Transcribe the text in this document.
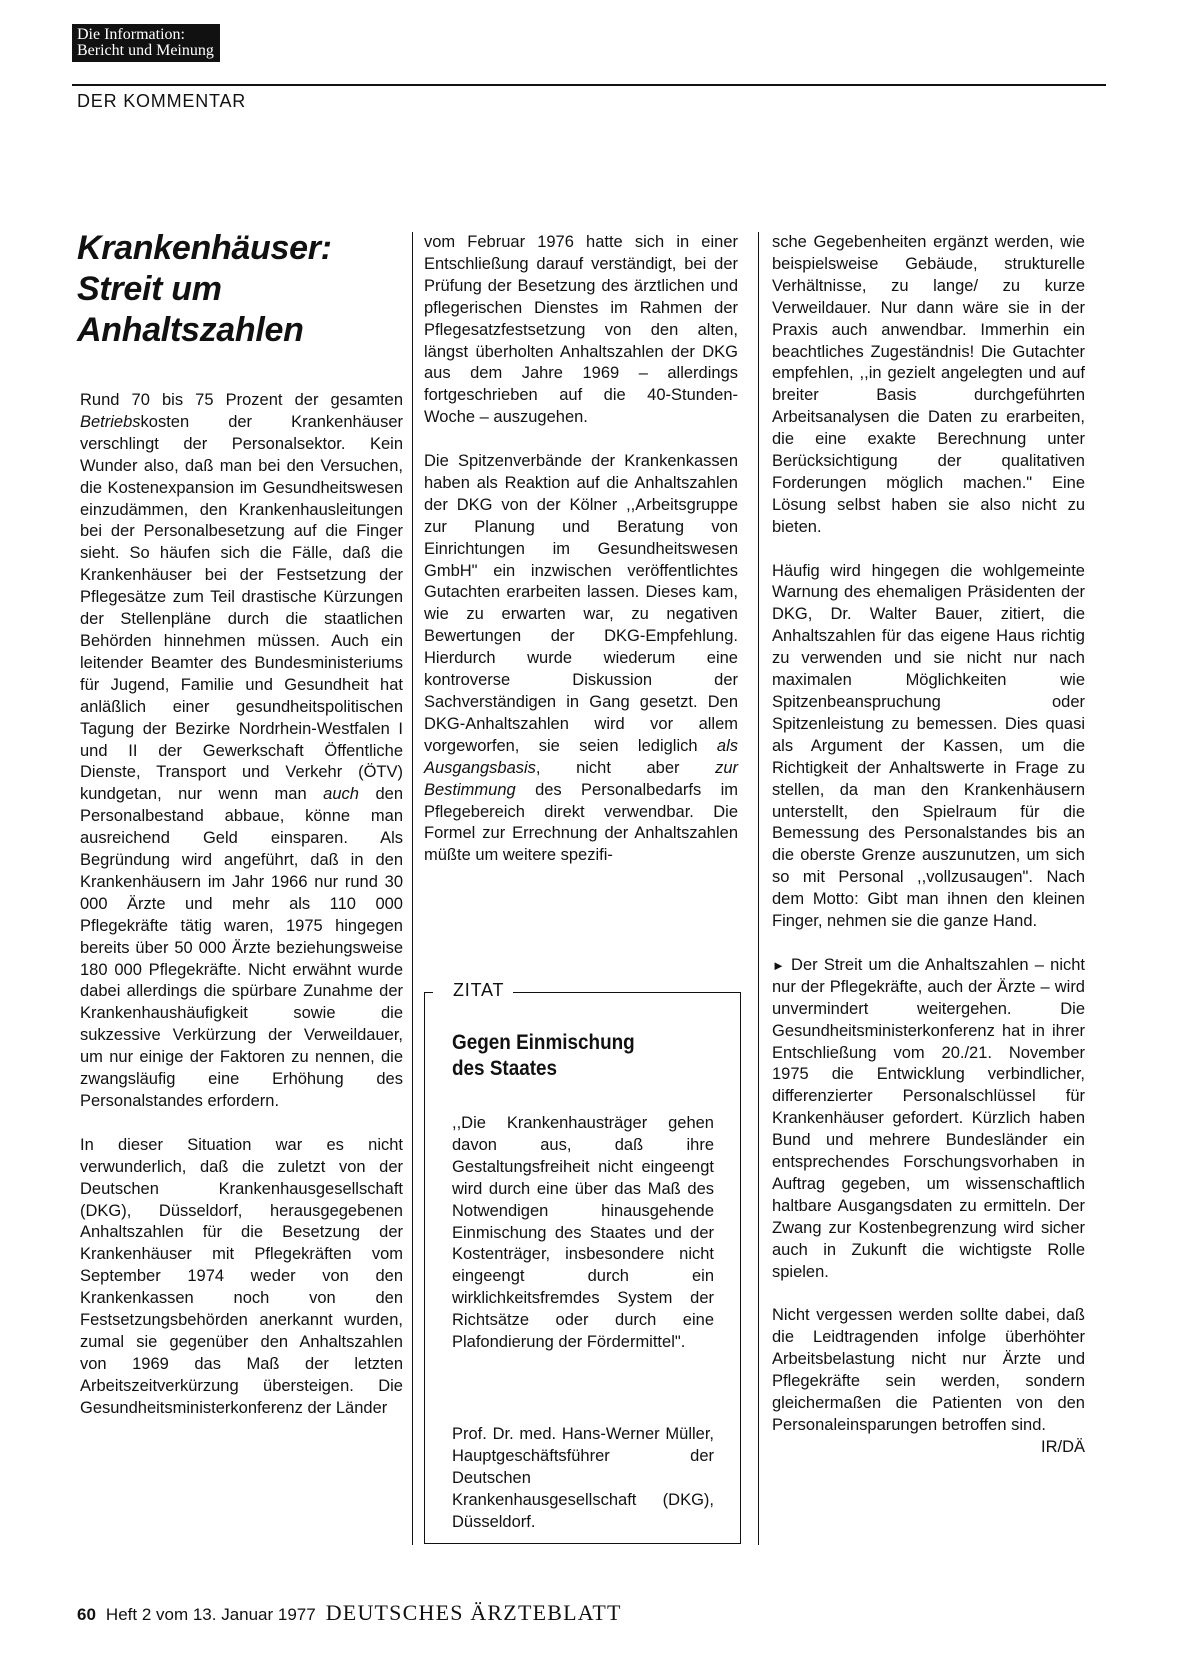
Die Information:
Bericht und Meinung
DER KOMMENTAR
Krankenhäuser:
Streit um
Anhaltszahlen

Rund 70 bis 75 Prozent der gesamten Betriebskosten der Krankenhäuser verschlingt der Personalsektor. Kein Wunder also, daß man bei den Versuchen, die Kostenexpansion im Gesundheitswesen einzudämmen, den Krankenhausleitungen bei der Personalbesetzung auf die Finger sieht. So häufen sich die Fälle, daß die Krankenhäuser bei der Festsetzung der Pflegesätze zum Teil drastische Kürzungen der Stellenpläne durch die staatlichen Behörden hinnehmen müssen. Auch ein leitender Beamter des Bundesministeriums für Jugend, Familie und Gesundheit hat anläßlich einer gesundheitspolitischen Tagung der Bezirke Nordrhein-Westfalen I und II der Gewerkschaft Öffentliche Dienste, Transport und Verkehr (ÖTV) kundgetan, nur wenn man auch den Personalbestand abbaue, könne man ausreichend Geld einsparen. Als Begründung wird angeführt, daß in den Krankenhäusern im Jahr 1966 nur rund 30 000 Ärzte und mehr als 110 000 Pflegekräfte tätig waren, 1975 hingegen bereits über 50 000 Ärzte beziehungsweise 180 000 Pflegekräfte. Nicht erwähnt wurde dabei allerdings die spürbare Zunahme der Krankenhaushäufigkeit sowie die sukzessive Verkürzung der Verweildauer, um nur einige der Faktoren zu nennen, die zwangsläufig eine Erhöhung des Personalstandes erfordern.

In dieser Situation war es nicht verwunderlich, daß die zuletzt von der Deutschen Krankenhausgesellschaft (DKG), Düsseldorf, herausgegebenen Anhaltszahlen für die Besetzung der Krankenhäuser mit Pflegekräften vom September 1974 weder von den Krankenkassen noch von den Festsetzungsbehörden anerkannt wurden, zumal sie gegenüber den Anhaltszahlen von 1969 das Maß der letzten Arbeitszeitverkürzung übersteigen. Die Gesundheitsministerkonferenz der Länder

vom Februar 1976 hatte sich in einer Entschließung darauf verständigt, bei der Prüfung der Besetzung des ärztlichen und pflegerischen Dienstes im Rahmen der Pflegesatzfestsetzung von den alten, längst überholten Anhaltszahlen der DKG aus dem Jahre 1969 – allerdings fortgeschrieben auf die 40-Stunden-Woche – auszugehen.

Die Spitzenverbände der Krankenkassen haben als Reaktion auf die Anhaltszahlen der DKG von der Kölner ,,Arbeitsgruppe zur Planung und Beratung von Einrichtungen im Gesundheitswesen GmbH" ein inzwischen veröffentlichtes Gutachten erarbeiten lassen. Dieses kam, wie zu erwarten war, zu negativen Bewertungen der DKG-Empfehlung. Hierdurch wurde wiederum eine kontroverse Diskussion der Sachverständigen in Gang gesetzt. Den DKG-Anhaltszahlen wird vor allem vorgeworfen, sie seien lediglich als Ausgangsbasis, nicht aber zur Bestimmung des Personalbedarfs im Pflegebereich direkt verwendbar. Die Formel zur Errechnung der Anhaltszahlen müßte um weitere spezifi-

ZITAT
Gegen Einmischung
des Staates
,,Die Krankenhausträger gehen davon aus, daß ihre Gestaltungsfreiheit nicht eingeengt wird durch eine über das Maß des Notwendigen hinausgehende Einmischung des Staates und der Kostenträger, insbesondere nicht eingeengt durch ein wirklichkeitsfremdes System der Richtsätze oder durch eine Plafondierung der Fördermittel".
Prof. Dr. med. Hans-Werner Müller, Hauptgeschäftsführer der Deutschen Krankenhausgesellschaft (DKG), Düsseldorf.

sche Gegebenheiten ergänzt werden, wie beispielsweise Gebäude, strukturelle Verhältnisse, zu lange/ zu kurze Verweildauer. Nur dann wäre sie in der Praxis auch anwendbar. Immerhin ein beachtliches Zugeständnis! Die Gutachter empfehlen, ,,in gezielt angelegten und auf breiter Basis durchgeführten Arbeitsanalysen die Daten zu erarbeiten, die eine exakte Berechnung unter Berücksichtigung der qualitativen Forderungen möglich machen." Eine Lösung selbst haben sie also nicht zu bieten.

Häufig wird hingegen die wohlgemeinte Warnung des ehemaligen Präsidenten der DKG, Dr. Walter Bauer, zitiert, die Anhaltszahlen für das eigene Haus richtig zu verwenden und sie nicht nur nach maximalen Möglichkeiten wie Spitzenbeanspruchung oder Spitzenleistung zu bemessen. Dies quasi als Argument der Kassen, um die Richtigkeit der Anhaltswerte in Frage zu stellen, da man den Krankenhäusern unterstellt, den Spielraum für die Bemessung des Personalstandes bis an die oberste Grenze auszunutzen, um sich so mit Personal ,,vollzusaugen". Nach dem Motto: Gibt man ihnen den kleinen Finger, nehmen sie die ganze Hand.

► Der Streit um die Anhaltszahlen – nicht nur der Pflegekräfte, auch der Ärzte – wird unvermindert weitergehen. Die Gesundheitsministerkonferenz hat in ihrer Entschließung vom 20./21. November 1975 die Entwicklung verbindlicher, differenzierter Personalschlüssel für Krankenhäuser gefordert. Kürzlich haben Bund und mehrere Bundesländer ein entsprechendes Forschungsvorhaben in Auftrag gegeben, um wissenschaftlich haltbare Ausgangsdaten zu ermitteln. Der Zwang zur Kostenbegrenzung wird sicher auch in Zukunft die wichtigste Rolle spielen.

Nicht vergessen werden sollte dabei, daß die Leidtragenden infolge überhöhter Arbeitsbelastung nicht nur Ärzte und Pflegekräfte sein werden, sondern gleichermaßen die Patienten von den Personaleinsparungen betroffen sind.
IR/DÄ

60 Heft 2 vom 13. Januar 1977 DEUTSCHES ÄRZTEBLATT
